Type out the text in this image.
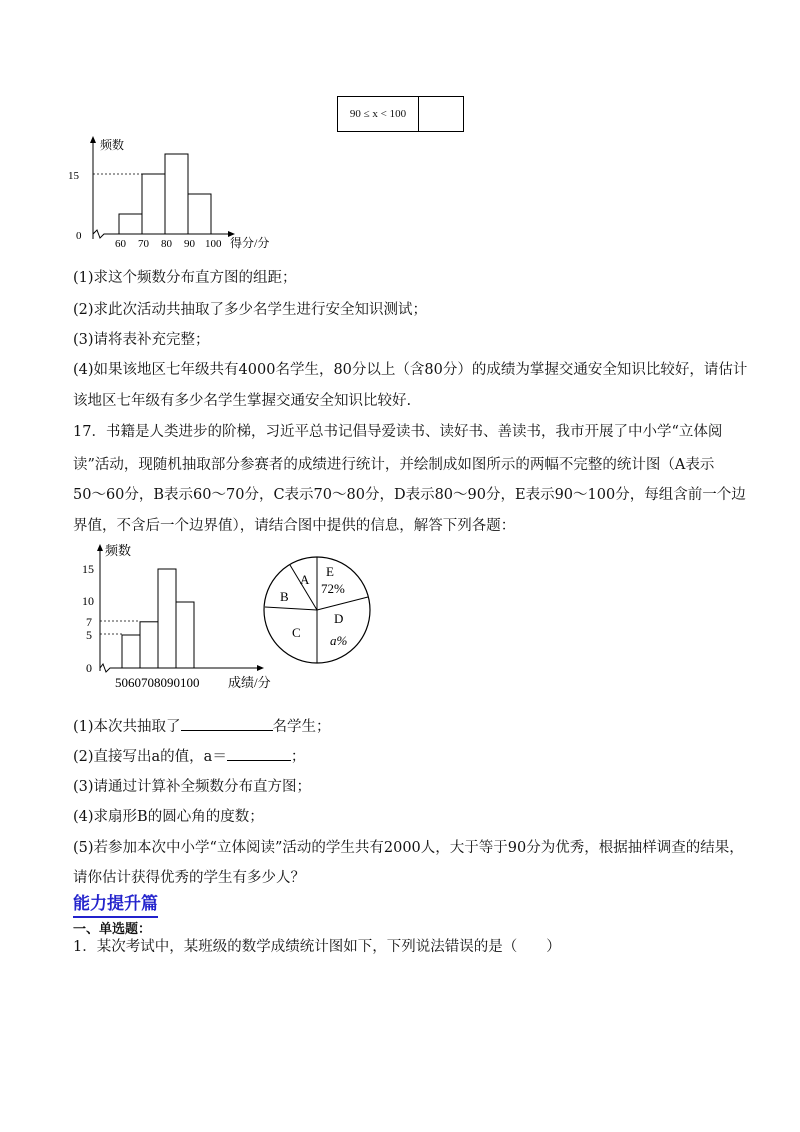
90 ≤ x < 100	
频数
15
0
60 70 80 90 100 得分/分
(1)求这个频数分布直方图的组距；
(2)求此次活动共抽取了多少名学生进行安全知识测试；
(3)请将表补充完整；
(4)如果该地区七年级共有4000名学生，80分以上（含80分）的成绩为掌握交通安全知识比较好，请估计
该地区七年级有多少名学生掌握交通安全知识比较好.
17．书籍是人类进步的阶梯，习近平总书记倡导爱读书、读好书、善读书，我市开展了中小学“立体阅
读”活动，现随机抽取部分参赛者的成绩进行统计，并绘制成如图所示的两幅不完整的统计图（A表示
50～60分，B表示60～70分，C表示70～80分，D表示80～90分，E表示90～100分，每组含前一个边
界值，不含后一个边界值），请结合图中提供的信息，解答下列各题：
频数
15
10
7
5
0
5060708090100 成绩/分
A
B
C
D
a%
E
72%
(1)本次共抽取了	名学生；
(2)直接写出a的值，a＝	；
(3)请通过计算补全频数分布直方图；
(4)求扇形B的圆心角的度数；
(5)若参加本次中小学“立体阅读”活动的学生共有2000人，大于等于90分为优秀，根据抽样调查的结果，
请你估计获得优秀的学生有多少人？
能力提升篇
一、单选题：
1．某次考试中，某班级的数学成绩统计图如下，下列说法错误的是（　　）
